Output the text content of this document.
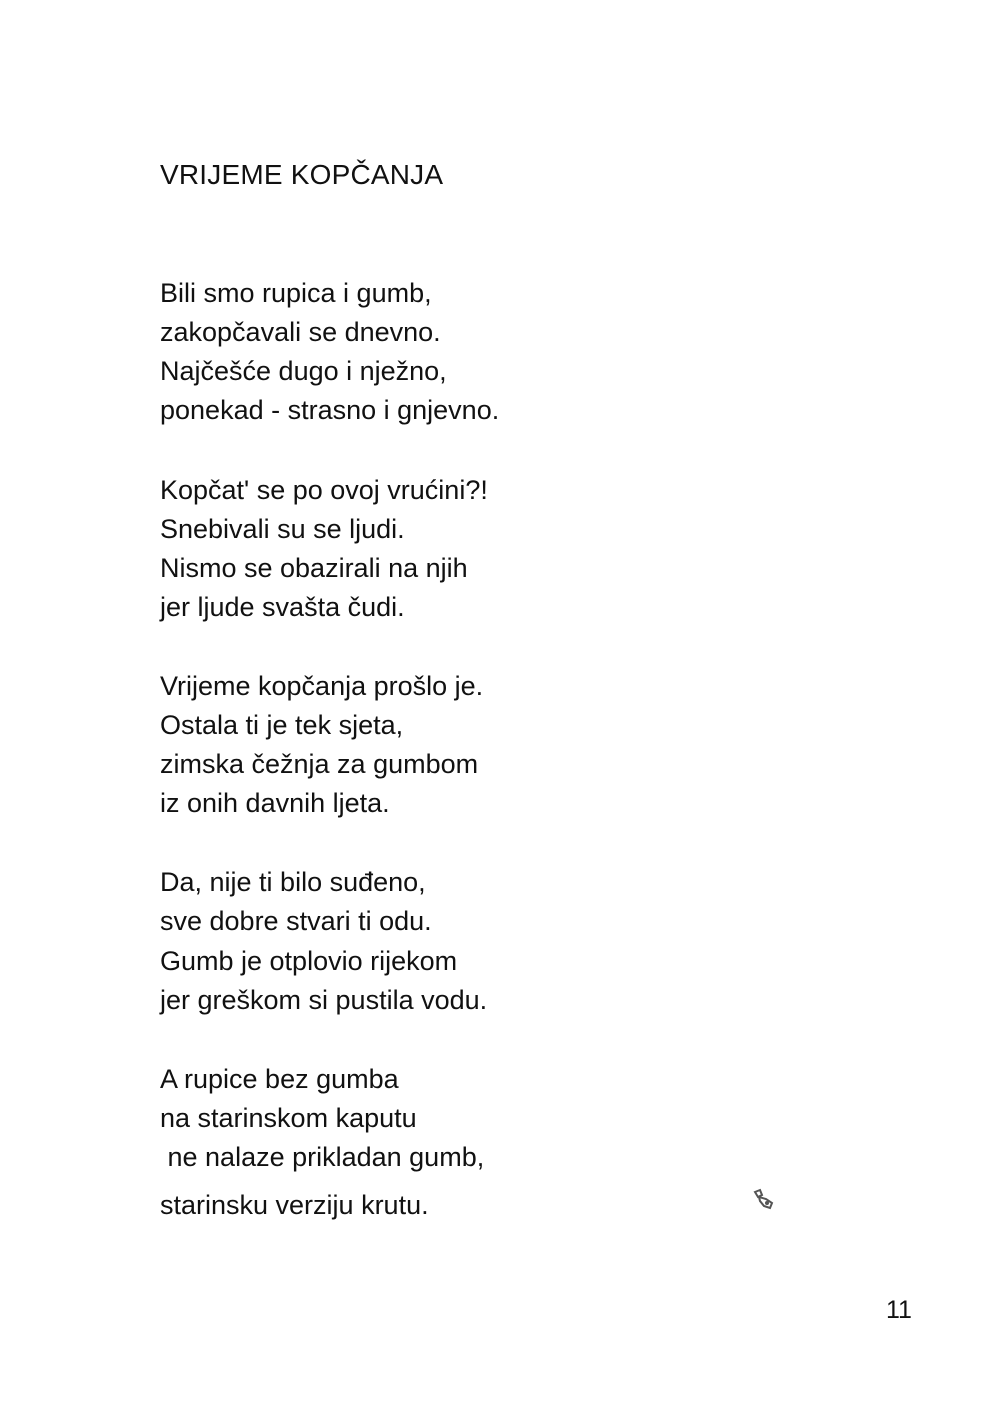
VRIJEME KOPČANJA
Bili smo rupica i gumb,
zakopčavali se dnevno.
Najčešće dugo i nježno,
ponekad - strasno i gnjevno.
Kopčat' se po ovoj vrućini?!
Snebivali su se ljudi.
Nismo se obazirali na njih
jer ljude svašta čudi.
Vrijeme kopčanja prošlo je.
Ostala ti je tek sjeta,
zimska čežnja za gumbom
iz onih davnih ljeta.
Da, nije ti bilo suđeno,
sve dobre stvari ti odu.
Gumb je otplovio rijekom
jer greškom si pustila vodu.
A rupice bez gumba
na starinskom kaputu
ne nalaze prikladan gumb,
starinsku verziju krutu.
11
